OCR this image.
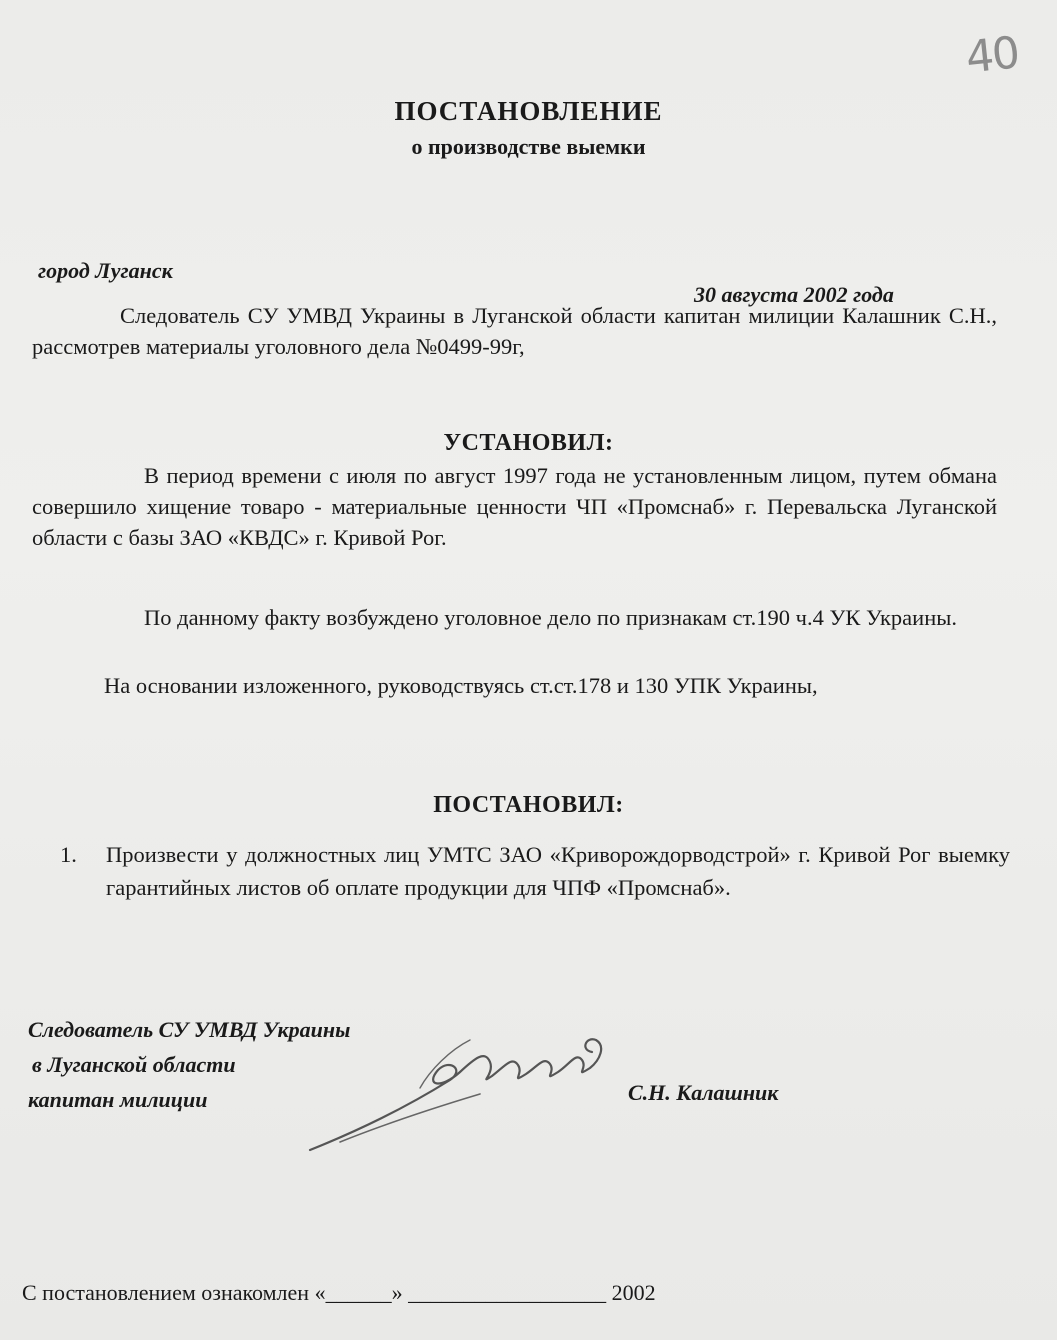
40
ПОСТАНОВЛЕНИЕ
о производстве выемки
город Луганск
30 августа 2002 года

Следователь СУ УМВД Украины в Луганской области капитан милиции Калашник С.Н., рассмотрев материалы уголовного дела №0499-99г,

УСТАНОВИЛ:

В период времени с июля по август 1997 года не установленным лицом, путем обмана совершило хищение товаро - материальные ценности ЧП «Промснаб» г. Перевальска Луганской области с базы ЗАО «КВДС» г. Кривой Рог.

По данному факту возбуждено уголовное дело по признакам ст.190 ч.4 УК Украины.

На основании изложенного, руководствуясь ст.ст.178 и 130 УПК Украины,

ПОСТАНОВИЛ:
1. Произвести у должностных лиц УМТС ЗАО «Криворождорводстрой» г. Кривой Рог выемку гарантийных листов об оплате продукции для ЧПФ «Промснаб».
Следователь СУ УМВД Украины
в Луганской области
капитан милиции	С.Н. Калашник
С постановлением ознакомлен «______» __________________ 2002
